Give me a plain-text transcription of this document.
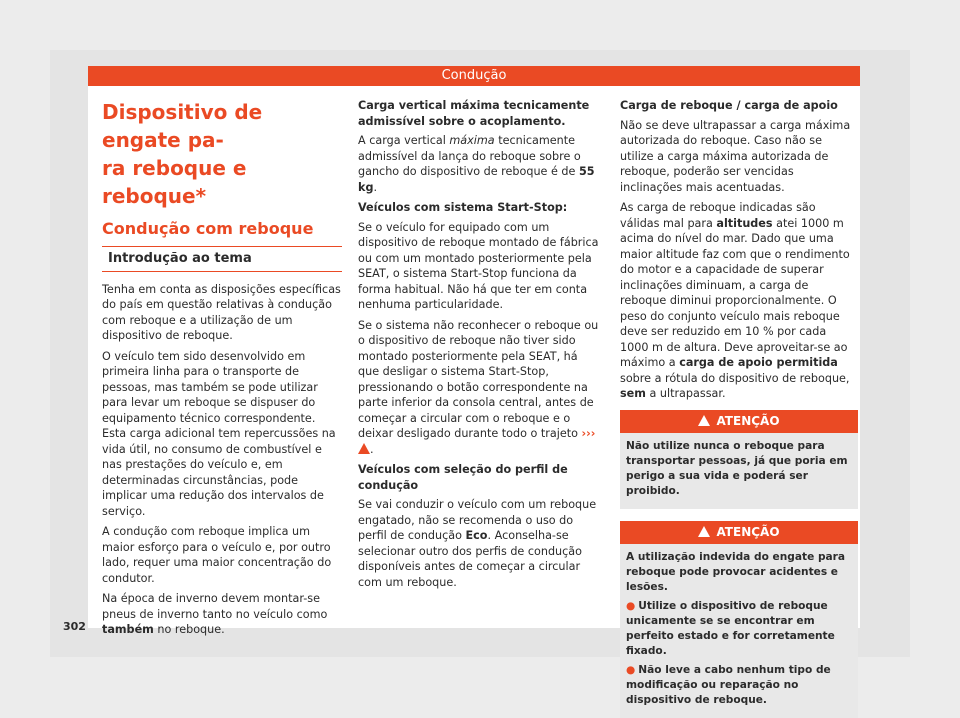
Condução
Dispositivo de engate pa-
ra reboque e reboque*
Condução com reboque
Introdução ao tema

Tenha em conta as disposições específicas do país em questão relativas à condução com reboque e a utilização de um dispositivo de reboque.

O veículo tem sido desenvolvido em primeira linha para o transporte de pessoas, mas também se pode utilizar para levar um reboque se dispuser do equipamento técnico correspondente. Esta carga adicional tem repercussões na vida útil, no consumo de combustível e nas prestações do veículo e, em determinadas circunstâncias, pode implicar uma redução dos intervalos de serviço.

A condução com reboque implica um maior esforço para o veículo e, por outro lado, requer uma maior concentração do condutor.

Na época de inverno devem montar-se pneus de inverno tanto no veículo como também no reboque.

Carga vertical máxima tecnicamente admissível sobre o acoplamento.

A carga vertical máxima tecnicamente admissível da lança do reboque sobre o gancho do dispositivo de reboque é de 55 kg.

Veículos com sistema Start-Stop:

Se o veículo for equipado com um dispositivo de reboque montado de fábrica ou com um montado posteriormente pela SEAT, o sistema Start-Stop funciona da forma habitual. Não há que ter em conta nenhuma particularidade.

Se o sistema não reconhecer o reboque ou o dispositivo de reboque não tiver sido montado posteriormente pela SEAT, há que desligar o sistema Start-Stop, pressionando o botão correspondente na parte inferior da consola central, antes de começar a circular com o reboque e o deixar desligado durante todo o trajeto ››› .

Veículos com seleção do perfil de condução

Se vai conduzir o veículo com um reboque engatado, não se recomenda o uso do perfil de condução Eco. Aconselha-se selecionar outro dos perfis de condução disponíveis antes de começar a circular com um reboque.

Carga de reboque / carga de apoio

Não se deve ultrapassar a carga máxima autorizada do reboque. Caso não se utilize a carga máxima autorizada de reboque, poderão ser vencidas inclinações mais acentuadas.

As carga de reboque indicadas são válidas mal para altitudes atei 1000 m acima do nível do mar. Dado que uma maior altitude faz com que o rendimento do motor e a capacidade de superar inclinações diminuam, a carga de reboque diminui proporcionalmente. O peso do conjunto veículo mais reboque deve ser reduzido em 10 % por cada 1000 m de altura. Deve aproveitar-se ao máximo a carga de apoio permitida sobre a rótula do dispositivo de reboque, sem a ultrapassar.

ATENÇÃO

Não utilize nunca o reboque para transportar pessoas, já que poria em perigo a sua vida e poderá ser proibido.

ATENÇÃO

A utilização indevida do engate para reboque pode provocar acidentes e lesões.

● Utilize o dispositivo de reboque unicamente se se encontrar em perfeito estado e for corretamente fixado.

● Não leve a cabo nenhum tipo de modificação ou reparação no dispositivo de reboque.

302
